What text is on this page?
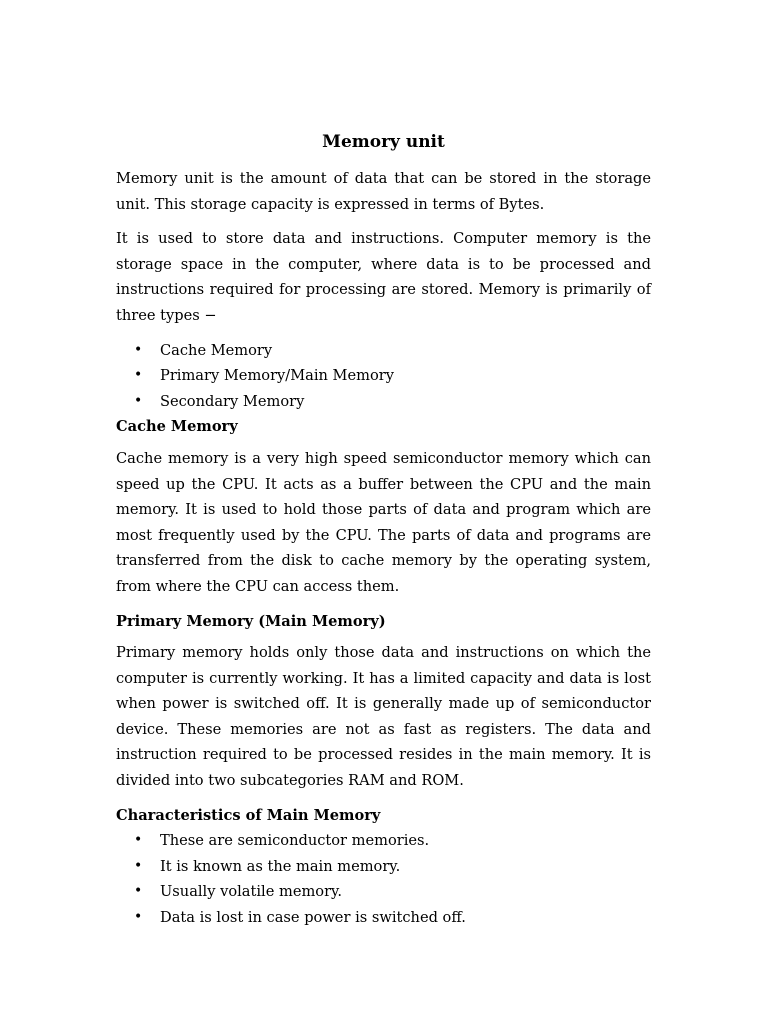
Memory unit

Memory unit is the amount of data that can be stored in the storage unit. This storage capacity is expressed in terms of Bytes.

It is used to store data and instructions. Computer memory is the storage space in the computer, where data is to be processed and instructions required for processing are stored. Memory is primarily of three types −

• Cache Memory
• Primary Memory/Main Memory
• Secondary Memory
Cache Memory

Cache memory is a very high speed semiconductor memory which can speed up the CPU. It acts as a buffer between the CPU and the main memory. It is used to hold those parts of data and program which are most frequently used by the CPU. The parts of data and programs are transferred from the disk to cache memory by the operating system, from where the CPU can access them.

Primary Memory (Main Memory)

Primary memory holds only those data and instructions on which the computer is currently working. It has a limited capacity and data is lost when power is switched off. It is generally made up of semiconductor device. These memories are not as fast as registers. The data and instruction required to be processed resides in the main memory. It is divided into two subcategories RAM and ROM.

Characteristics of Main Memory
• These are semiconductor memories.
• It is known as the main memory.
• Usually volatile memory.
• Data is lost in case power is switched off.
